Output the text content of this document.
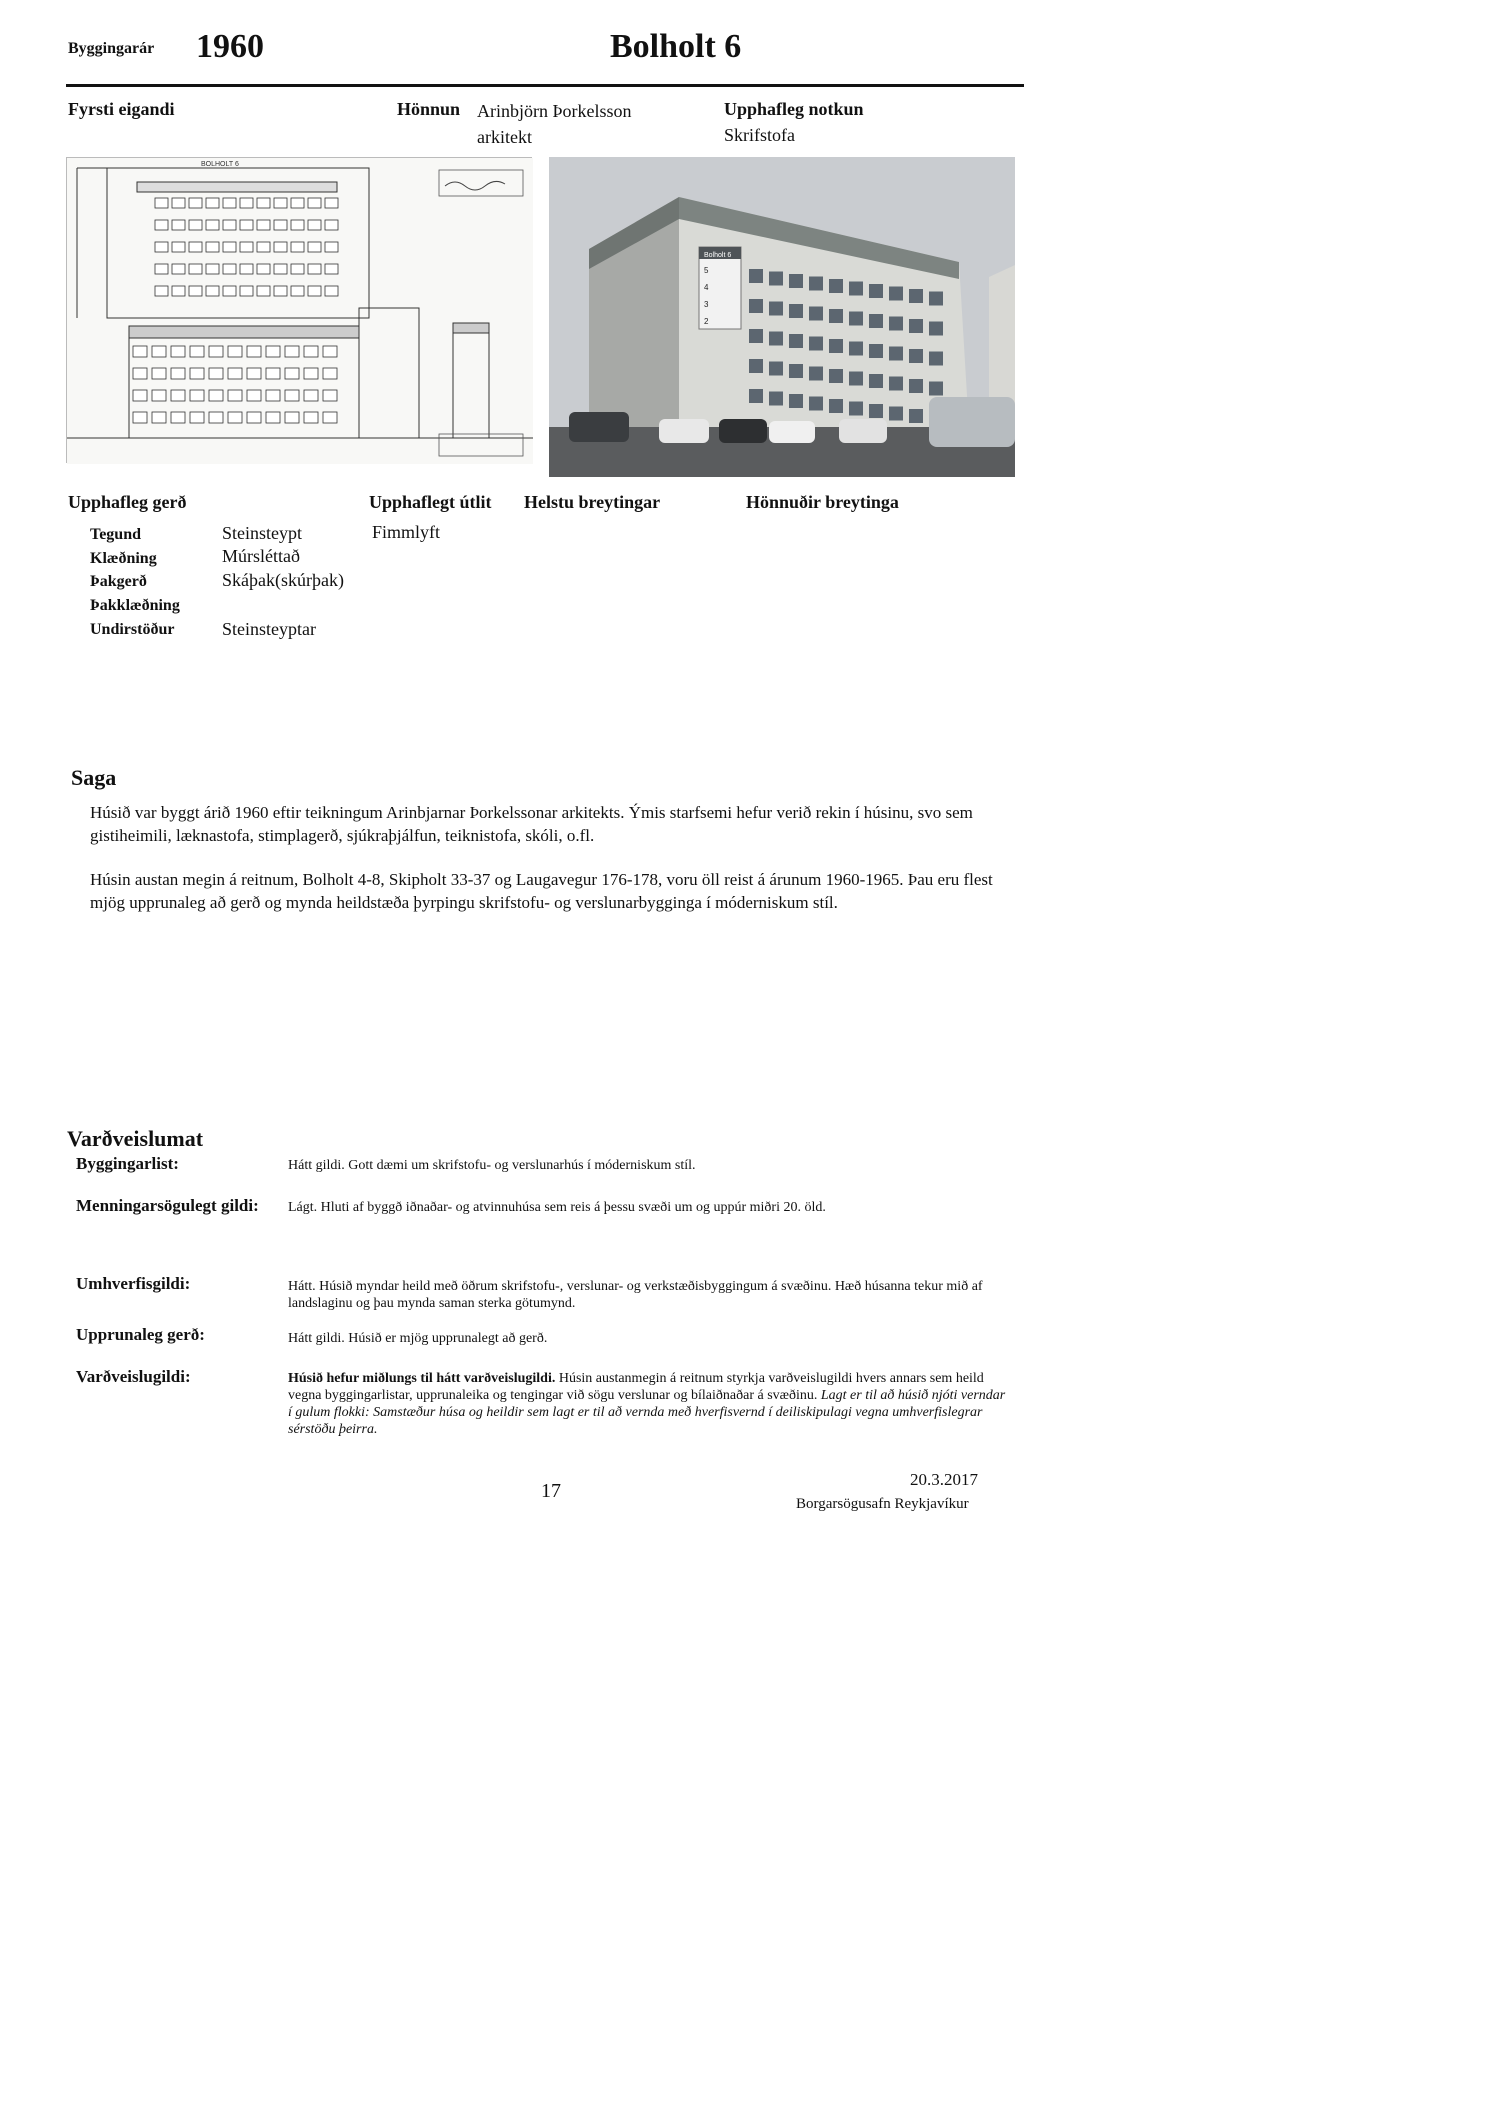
Byggingarár 1960	Bolholt 6
Fyrsti eigandi	Hönnun Arinbjörn Þorkelsson
arkitekt
Upphafleg notkun
Skrifstofa
BOLHOLT 6
Bolholt 6
5
4
3
2
Upphafleg gerð	Upphaflegt útlit Helstu breytingar	Hönnuðir breytinga
Fimmlyft
Tegund	Steinsteypt
Klæðning	Múrsléttað
Þakgerð	Skáþak(skúrþak)
Þakklæðning
Undirstöður	Steinsteyptar
Saga
Húsið var byggt árið 1960 eftir teikningum Arinbjarnar Þorkelssonar arkitekts. Ýmis starfsemi hefur verið rekin í húsinu, svo sem gistiheimili, læknastofa, stimplagerð, sjúkraþjálfun, teiknistofa, skóli, o.fl.
Húsin austan megin á reitnum, Bolholt 4-8, Skipholt 33-37 og Laugavegur 176-178, voru öll reist á árunum 1960-1965. Þau eru flest mjög upprunaleg að gerð og mynda heildstæða þyrpingu skrifstofu- og verslunarbygginga í móderniskum stíl.
Varðveislumat
Byggingarlist:	Hátt gildi. Gott dæmi um skrifstofu- og verslunarhús í móderniskum stíl.
Menningarsögulegt gildi: Lágt. Hluti af byggð iðnaðar- og atvinnuhúsa sem reis á þessu svæði um og uppúr miðri 20. öld.
Umhverfisgildi:	Hátt. Húsið myndar heild með öðrum skrifstofu-, verslunar- og verkstæðisbyggingum á svæðinu. Hæð húsanna tekur mið af landslaginu og þau mynda saman sterka götumynd.
Upprunaleg gerð:	Hátt gildi. Húsið er mjög upprunalegt að gerð.
Varðveislugildi:	Húsið hefur miðlungs til hátt varðveislugildi. Húsin austanmegin á reitnum styrkja varðveislugildi hvers annars sem heild vegna byggingarlistar, upprunaleika og tengingar við sögu verslunar og bílaiðnaðar á svæðinu. Lagt er til að húsið njóti verndar í gulum flokki: Samstæður húsa og heildir sem lagt er til að vernda með hverfisvernd í deiliskipulagi vegna umhverfislegrar sérstöðu þeirra.
17
20.3.2017
Borgarsögusafn Reykjavíkur
